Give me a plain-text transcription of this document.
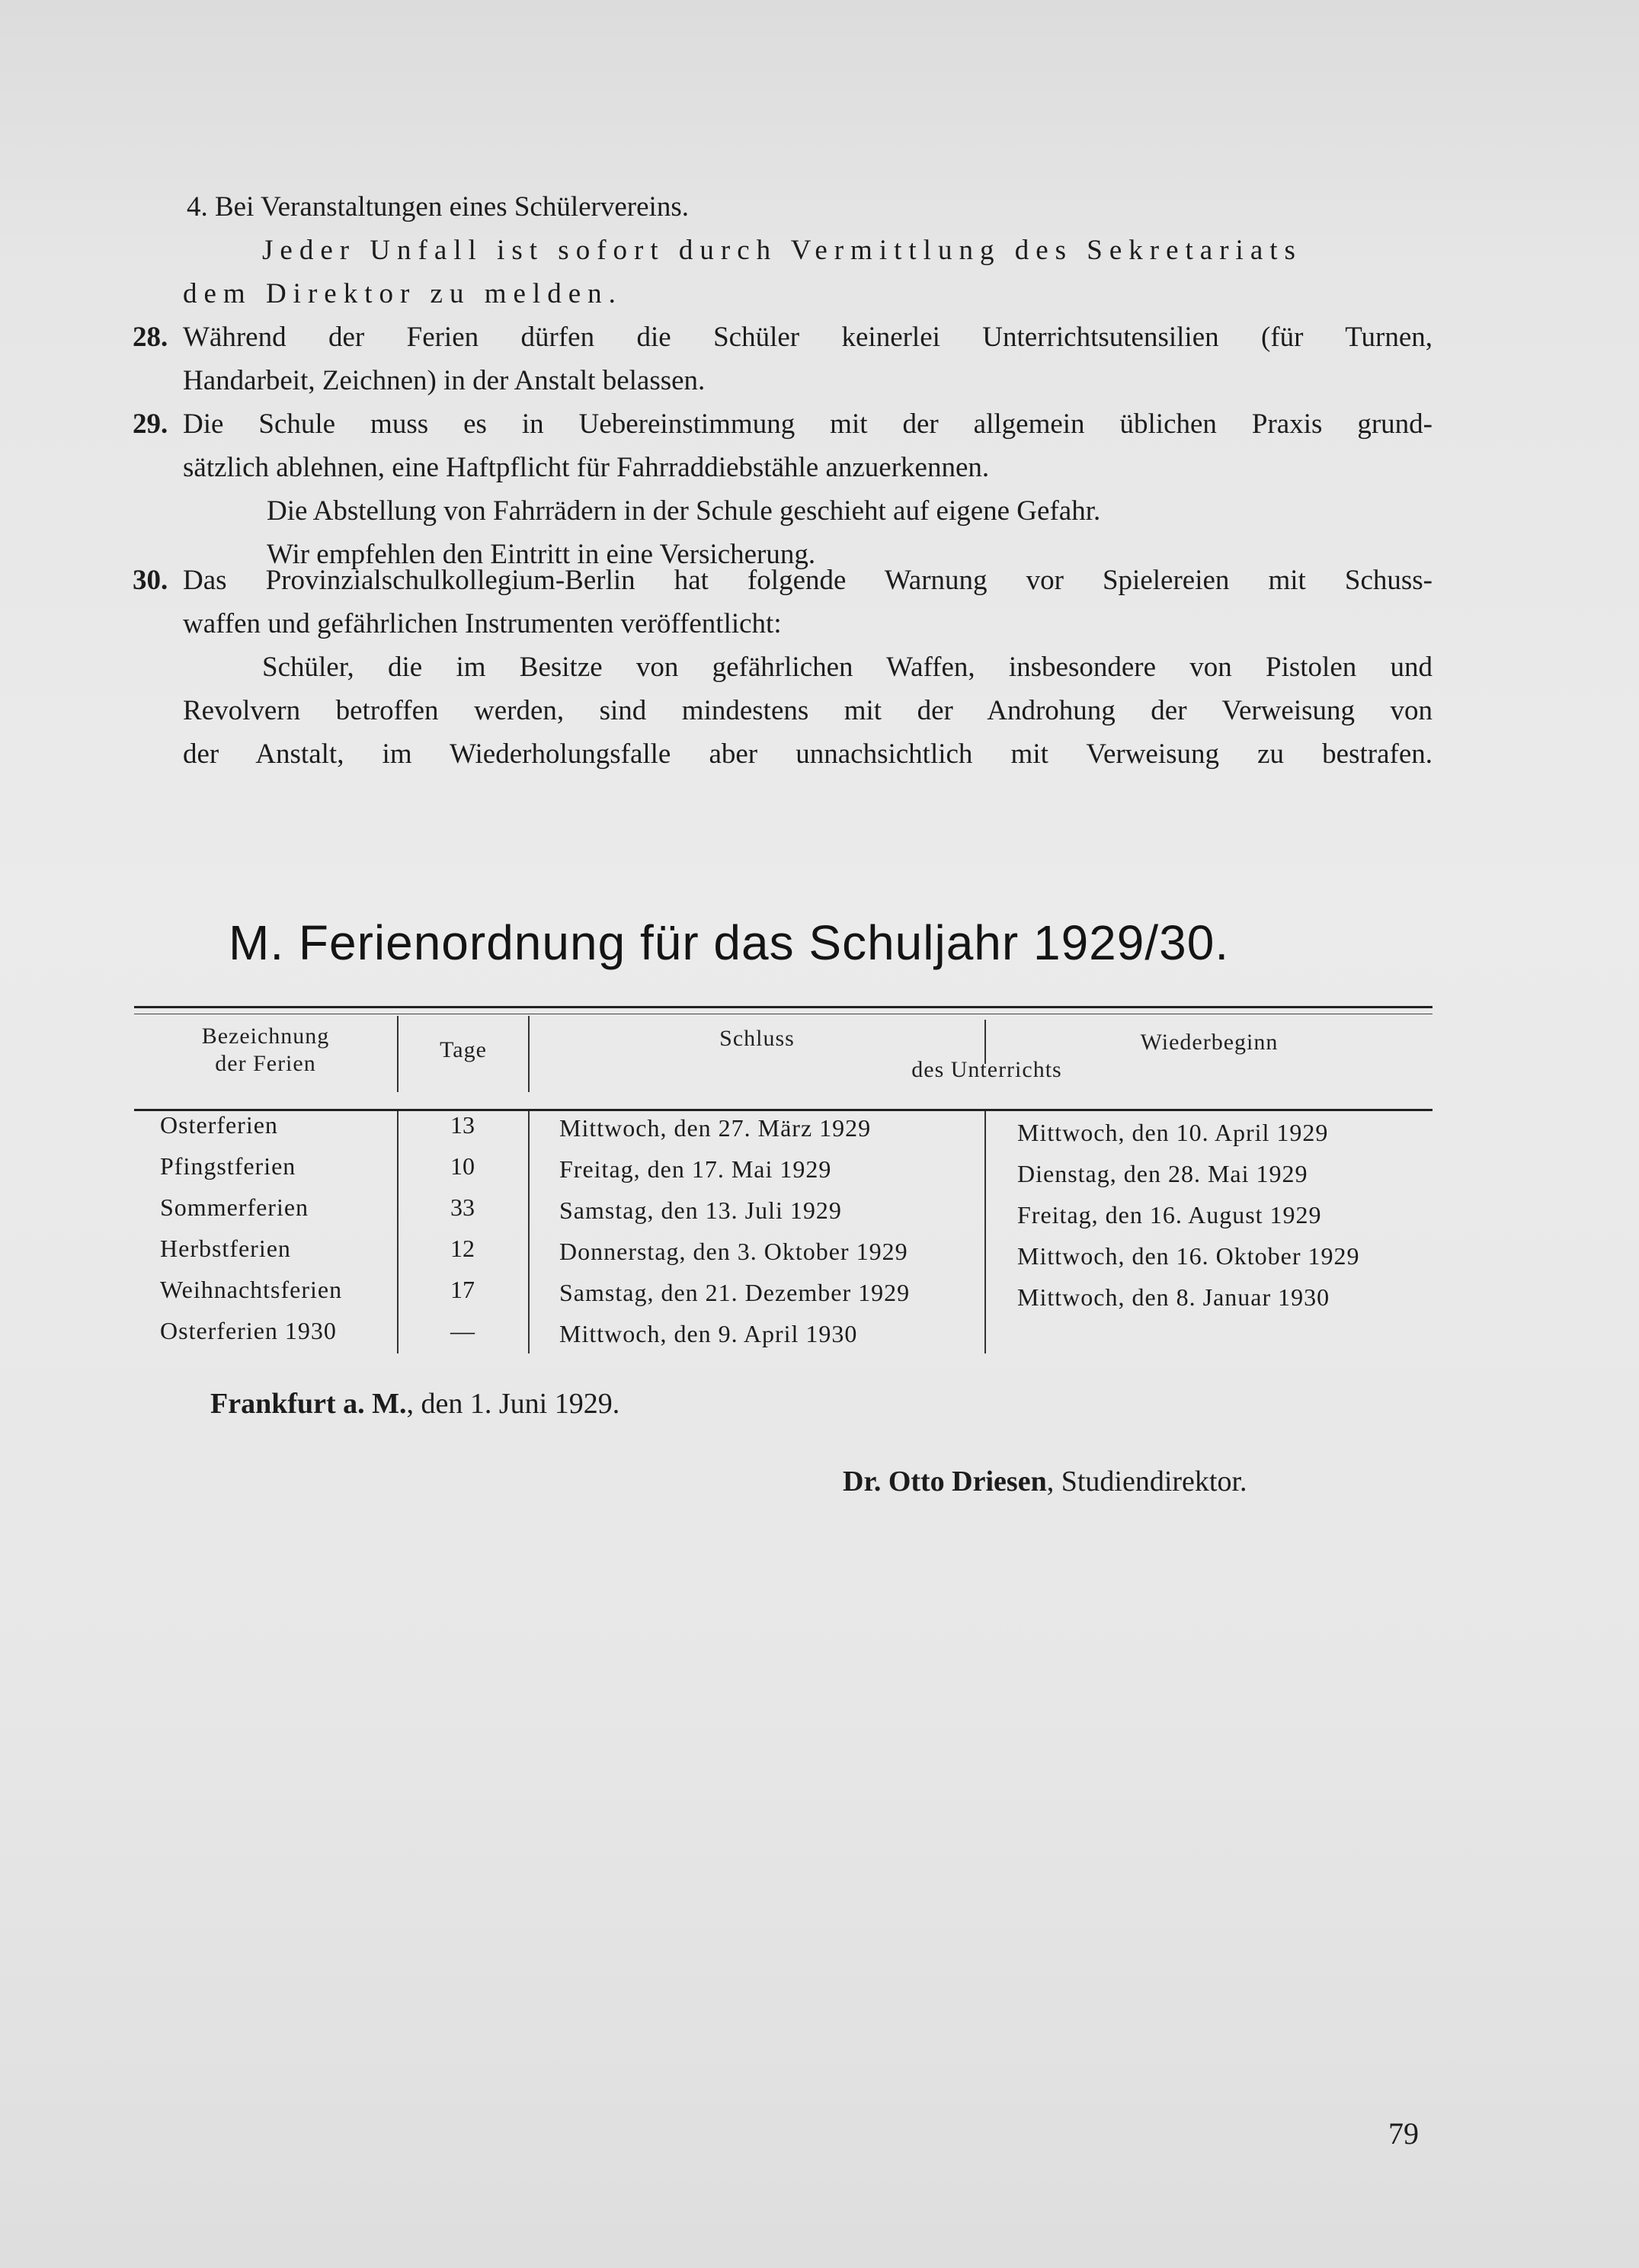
4. Bei Veranstaltungen eines Schülervereins.
Jeder Unfall ist sofort durch Vermittlung des Sekretariats
dem Direktor zu melden.
28. Während der Ferien dürfen die Schüler keinerlei Unterrichtsutensilien (für Turnen,
Handarbeit, Zeichnen) in der Anstalt belassen.
29. Die Schule muss es in Uebereinstimmung mit der allgemein üblichen Praxis grund-
sätzlich ablehnen, eine Haftpflicht für Fahrraddiebstähle anzuerkennen.
Die Abstellung von Fahrrädern in der Schule geschieht auf eigene Gefahr.
Wir empfehlen den Eintritt in eine Versicherung.
30. Das Provinzialschulkollegium-Berlin hat folgende Warnung vor Spielereien mit Schuss-
waffen und gefährlichen Instrumenten veröffentlicht:
Schüler, die im Besitze von gefährlichen Waffen, insbesondere von Pistolen und
Revolvern betroffen werden, sind mindestens mit der Androhung der Verweisung von
der Anstalt, im Wiederholungsfalle aber unnachsichtlich mit Verweisung zu bestrafen.
M. Ferienordnung für das Schuljahr 1929/30.
Bezeichnung
der Ferien
Tage	Schluss	Wiederbeginn
des Unterrichts
Osterferien	13	Mittwoch, den 27. März 1929	Mittwoch, den 10. April 1929
Pfingstferien	10	Freitag, den 17. Mai 1929	Dienstag, den 28. Mai 1929
Sommerferien	33	Samstag, den 13. Juli 1929	Freitag, den 16. August 1929
Herbstferien	12	Donnerstag, den 3. Oktober 1929	Mittwoch, den 16. Oktober 1929
Weihnachtsferien	17	Samstag, den 21. Dezember 1929	Mittwoch, den 8. Januar 1930
Osterferien 1930	—	Mittwoch, den 9. April 1930
Frankfurt a. M., den 1. Juni 1929.
Dr. Otto Driesen, Studiendirektor.
79
